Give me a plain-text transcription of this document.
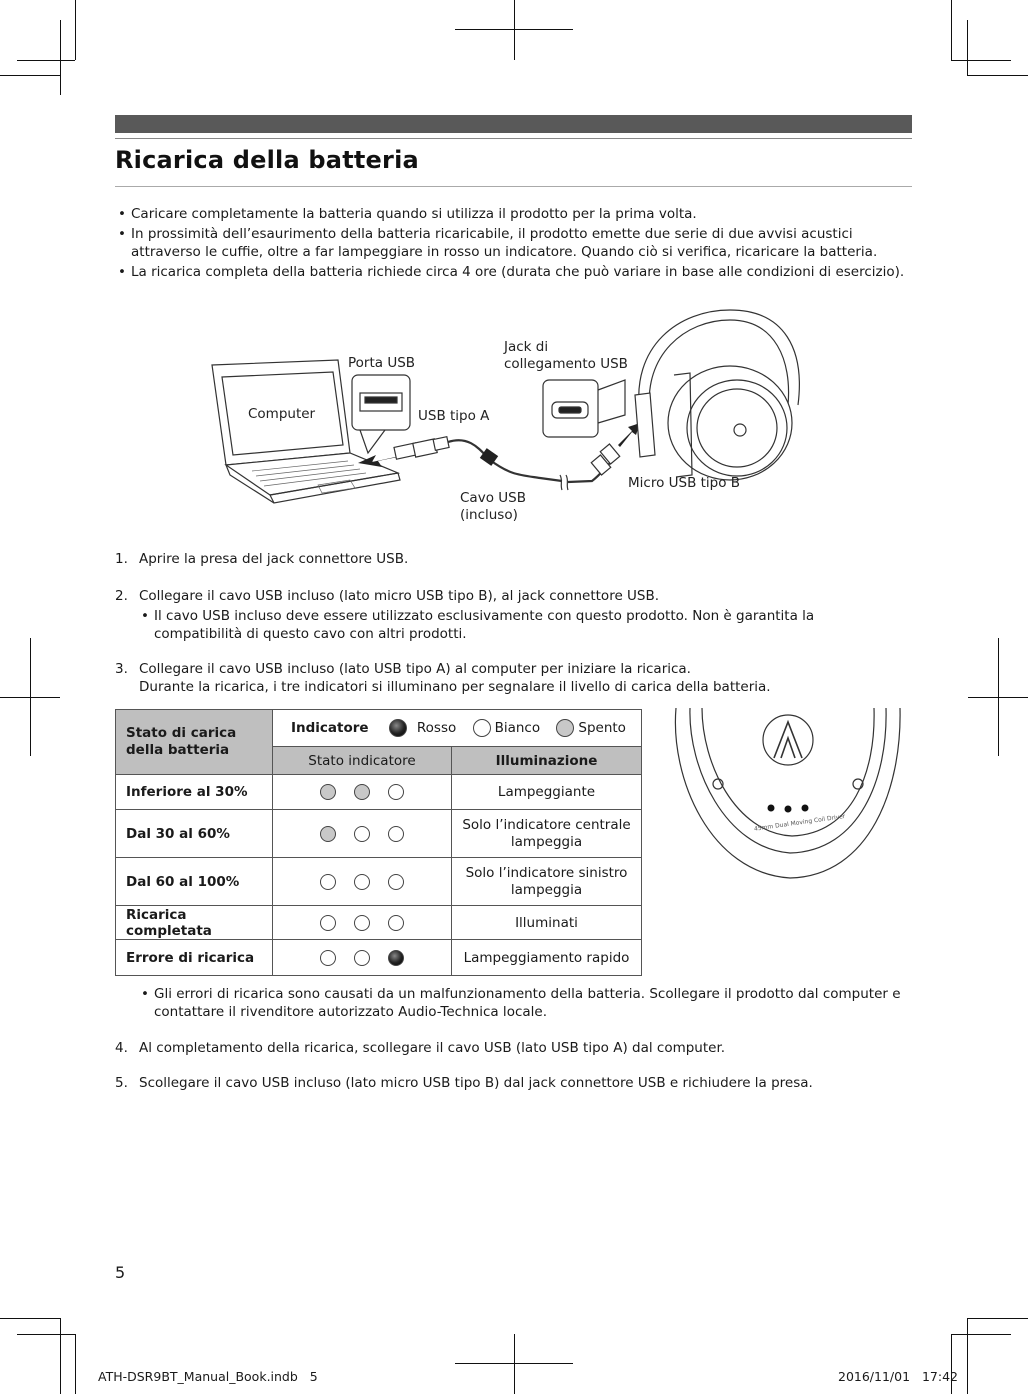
Ricarica della batteria
• Caricare completamente la batteria quando si utilizza il prodotto per la prima volta.
• In prossimità dell’esaurimento della batteria ricaricabile, il prodotto emette due serie di due avvisi acustici attraverso le cuffie, oltre a far lampeggiare in rosso un indicatore. Quando ciò si verifica, ricaricare la batteria.
• La ricarica completa della batteria richiede circa 4 ore (durata che può variare in base alle condizioni di esercizio).
Computer
Porta USB
USB tipo A
Jack di
collegamento USB
Micro USB tipo B
Cavo USB
(incluso)
1. Aprire la presa del jack connettore USB.
2. Collegare il cavo USB incluso (lato micro USB tipo B), al jack connettore USB.
• Il cavo USB incluso deve essere utilizzato esclusivamente con questo prodotto. Non è garantita la compatibilità di questo cavo con altri prodotti.
3. Collegare il cavo USB incluso (lato USB tipo A) al computer per iniziare la ricarica.
Durante la ricarica, i tre indicatori si illuminano per segnalare il livello di carica della batteria.
Stato di carica della batteria	Indicatore Rosso Bianco Spento	
	Stato indicatore	Illuminazione
Inferiore al 30%		Lampeggiante
Dal 30 al 60%		Solo l’indicatore centrale lampeggia
Dal 60 al 100%		Solo l’indicatore sinistro lampeggia
Ricarica completata		Illuminati
Errore di ricarica		Lampeggiamento rapido
45mm Dual Moving Coil Driver
• Gli errori di ricarica sono causati da un malfunzionamento della batteria. Scollegare il prodotto dal computer e contattare il rivenditore autorizzato Audio-Technica locale.
4. Al completamento della ricarica, scollegare il cavo USB (lato USB tipo A) dal computer.
5. Scollegare il cavo USB incluso (lato micro USB tipo B) dal jack connettore USB e richiudere la presa.
5
ATH-DSR9BT_Manual_Book.indb   5	2016/11/01   17:42
